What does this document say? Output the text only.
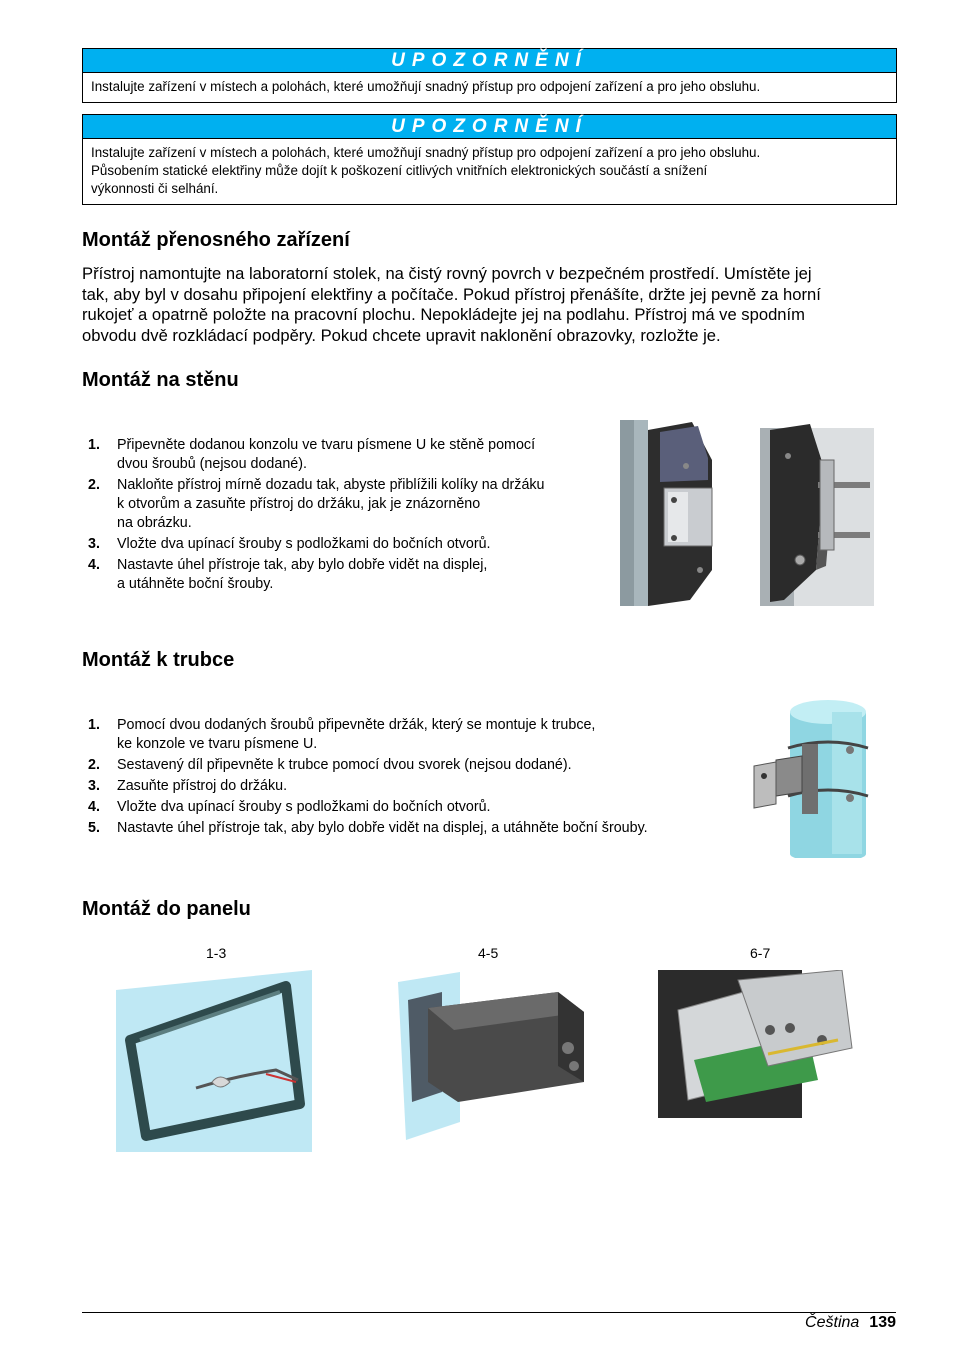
UPOZORNĚNÍ
Instalujte zařízení v místech a polohách, které umožňují snadný přístup pro odpojení zařízení a pro jeho obsluhu.
UPOZORNĚNÍ
Instalujte zařízení v místech a polohách, které umožňují snadný přístup pro odpojení zařízení a pro jeho obsluhu.
Působením statické elektřiny může dojít k poškození citlivých vnitřních elektronických součástí a snížení
výkonnosti či selhání.
Montáž přenosného zařízení
Přístroj namontujte na laboratorní stolek, na čistý rovný povrch v bezpečném prostředí. Umístěte jej
tak, aby byl v dosahu připojení elektřiny a počítače. Pokud přístroj přenášíte, držte jej pevně za horní
rukojeť a opatrně položte na pracovní plochu. Nepokládejte jej na podlahu. Přístroj má ve spodním
obvodu dvě rozkládací podpěry. Pokud chcete upravit naklonění obrazovky, rozložte je.
Montáž na stěnu
1. Připevněte dodanou konzolu ve tvaru písmene U ke stěně pomocí
dvou šroubů (nejsou dodané).
2. Nakloňte přístroj mírně dozadu tak, abyste přiblížili kolíky na držáku
k otvorům a zasuňte přístroj do držáku, jak je znázorněno
na obrázku.
3. Vložte dva upínací šrouby s podložkami do bočních otvorů.
4. Nastavte úhel přístroje tak, aby bylo dobře vidět na displej,
a utáhněte boční šrouby.
Montáž k trubce
1. Pomocí dvou dodaných šroubů připevněte držák, který se montuje k trubce,
ke konzole ve tvaru písmene U.
2. Sestavený díl připevněte k trubce pomocí dvou svorek (nejsou dodané).
3. Zasuňte přístroj do držáku.
4. Vložte dva upínací šrouby s podložkami do bočních otvorů.
5. Nastavte úhel přístroje tak, aby bylo dobře vidět na displej, a utáhněte boční šrouby.
Montáž do panelu
1-3	4-5	6-7
Čeština 139
